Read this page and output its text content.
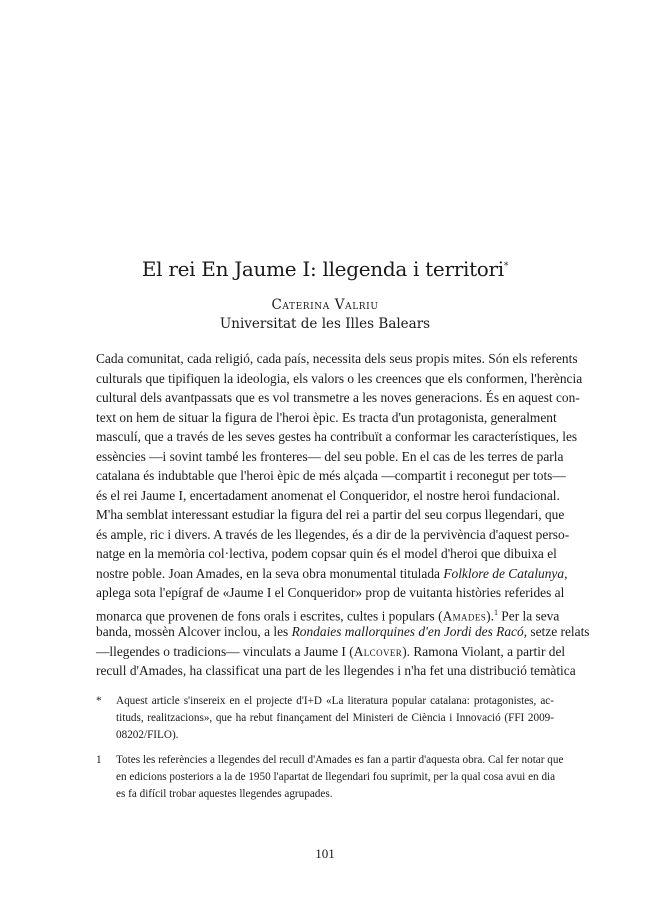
El rei En Jaume I: llegenda i territori*
Caterina Valriu
Universitat de les Illes Balears
Cada comunitat, cada religió, cada país, necessita dels seus propis mites. Són els referents
culturals que tipifiquen la ideologia, els valors o les creences que els conformen, l'herència
cultural dels avantpassats que es vol transmetre a les noves generacions. És en aquest con-
text on hem de situar la figura de l'heroi èpic. Es tracta d'un protagonista, generalment
masculí, que a través de les seves gestes ha contribuït a conformar les característiques, les
essències —i sovint també les fronteres— del seu poble. En el cas de les terres de parla
catalana és indubtable que l'heroi èpic de més alçada —compartit i reconegut per tots—
és el rei Jaume I, encertadament anomenat el Conqueridor, el nostre heroi fundacional.
M'ha semblat interessant estudiar la figura del rei a partir del seu corpus llegendari, que
és ample, ric i divers. A través de les llegendes, és a dir de la pervivència d'aquest perso-
natge en la memòria col·lectiva, podem copsar quin és el model d'heroi que dibuixa el
nostre poble. Joan Amades, en la seva obra monumental titulada Folklore de Catalunya,
aplega sota l'epígraf de «Jaume I el Conqueridor» prop de vuitanta històries referides al
monarca que provenen de fons orals i escrites, cultes i populars (Amades).$^1$ Per la seva
banda, mossèn Alcover inclou, a les Rondaies mallorquines d'en Jordi des Racó, setze relats
—llegendes o tradicions— vinculats a Jaume I (Alcover). Ramona Violant, a partir del
recull d'Amades, ha classificat una part de les llegendes i n'ha fet una distribució temàtica
* Aquest article s'insereix en el projecte d'I+D «La literatura popular catalana: protagonistes, ac-
tituds, realitzacions», que ha rebut finançament del Ministeri de Ciència i Innovació (FFI 2009-
08202/FILO).
1 Totes les referències a llegendes del recull d'Amades es fan a partir d'aquesta obra. Cal fer notar que
en edicions posteriors a la de 1950 l'apartat de llegendari fou suprimit, per la qual cosa avui en dia
es fa difícil trobar aquestes llegendes agrupades.
101
